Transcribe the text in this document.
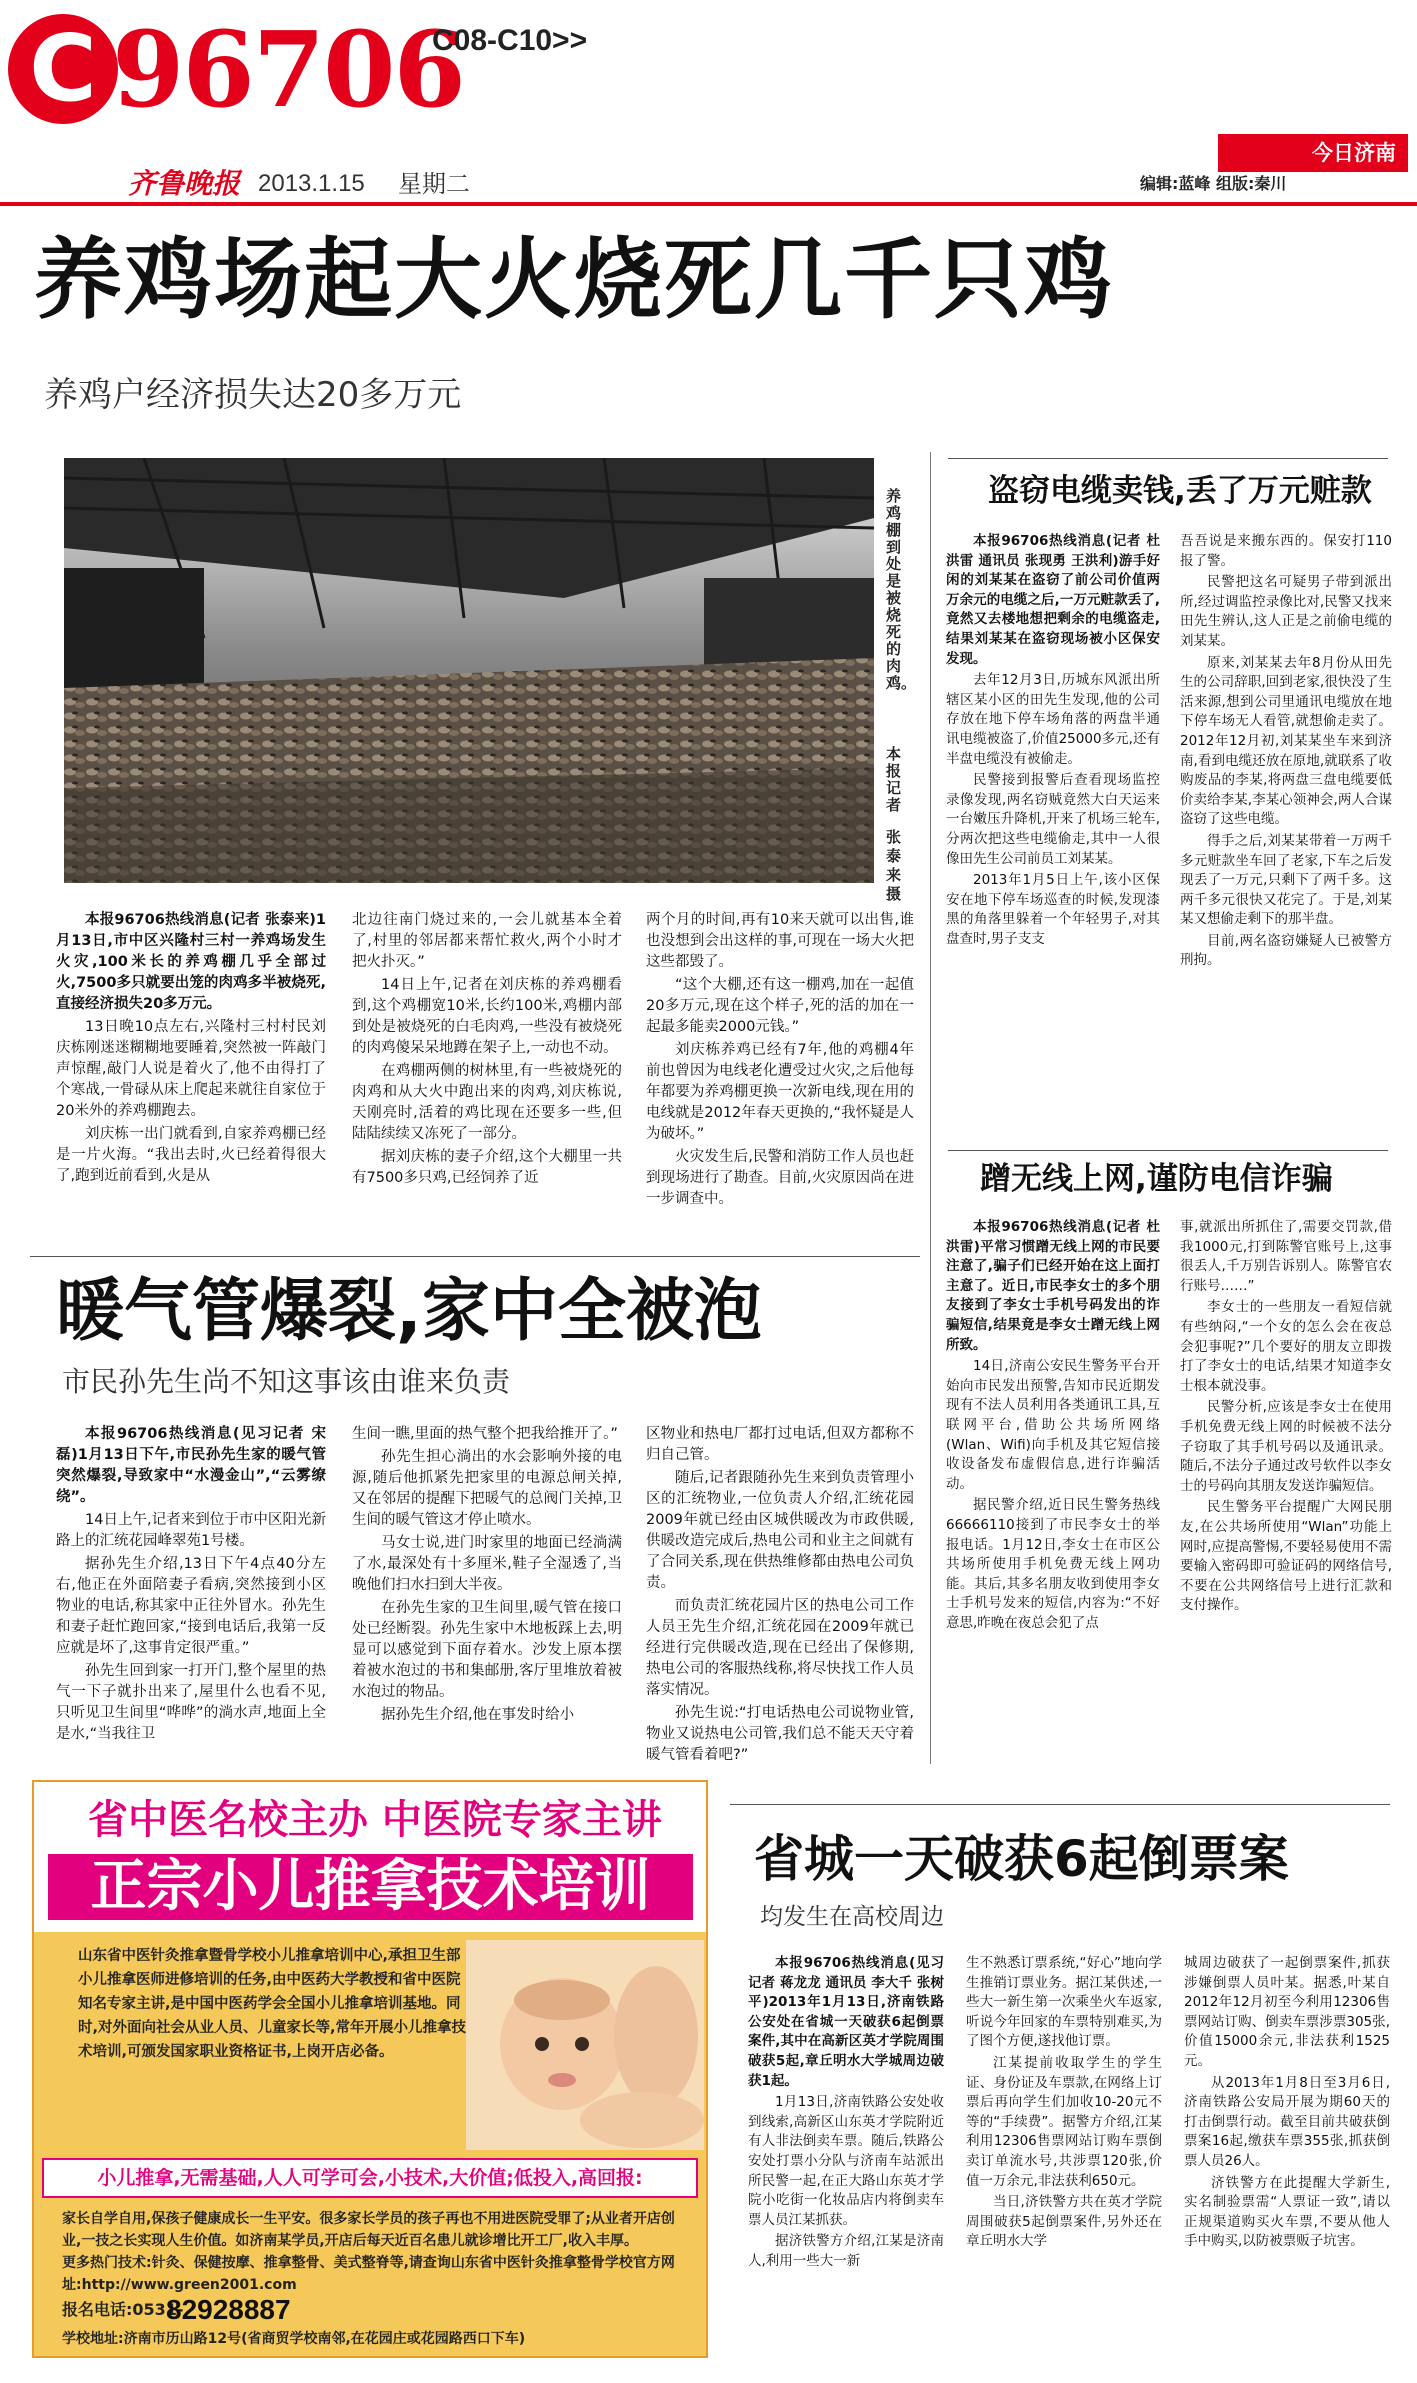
C 96706
C08-C10>>
齐鲁晚报 2013.1.15 星期二
今日济南
编辑:蓝峰 组版:秦川
养鸡场起大火烧死几千只鸡
养鸡户经济损失达20多万元
养鸡棚到处是被烧死的肉鸡。
本报记者
张泰来 摄

本报96706热线消息(记者 张泰来)1月13日,市中区兴隆村三村一养鸡场发生火灾,100米长的养鸡棚几乎全部过火,7500多只就要出笼的肉鸡多半被烧死,直接经济损失20多万元。

13日晚10点左右,兴隆村三村村民刘庆栋刚迷迷糊糊地要睡着,突然被一阵敲门声惊醒,敲门人说是着火了,他不由得打了个寒战,一骨碌从床上爬起来就往自家位于20米外的养鸡棚跑去。

刘庆栋一出门就看到,自家养鸡棚已经是一片火海。“我出去时,火已经着得很大了,跑到近前看到,火是从

北边往南门烧过来的,一会儿就基本全着了,村里的邻居都来帮忙救火,两个小时才把火扑灭。”

14日上午,记者在刘庆栋的养鸡棚看到,这个鸡棚宽10米,长约100米,鸡棚内部到处是被烧死的白毛肉鸡,一些没有被烧死的肉鸡傻呆呆地蹲在架子上,一动也不动。

在鸡棚两侧的树林里,有一些被烧死的肉鸡和从大火中跑出来的肉鸡,刘庆栋说,天刚亮时,活着的鸡比现在还要多一些,但陆陆续续又冻死了一部分。

据刘庆栋的妻子介绍,这个大棚里一共有7500多只鸡,已经饲养了近

两个月的时间,再有10来天就可以出售,谁也没想到会出这样的事,可现在一场大火把这些都毁了。

“这个大棚,还有这一棚鸡,加在一起值20多万元,现在这个样子,死的活的加在一起最多能卖2000元钱。”

刘庆栋养鸡已经有7年,他的鸡棚4年前也曾因为电线老化遭受过火灾,之后他每年都要为养鸡棚更换一次新电线,现在用的电线就是2012年春天更换的,“我怀疑是人为破坏。”

火灾发生后,民警和消防工作人员也赶到现场进行了勘查。目前,火灾原因尚在进一步调查中。

盗窃电缆卖钱,丢了万元赃款

本报96706热线消息(记者 杜洪雷 通讯员 张现勇 王洪利)游手好闲的刘某某在盗窃了前公司价值两万余元的电缆之后,一万元赃款丢了,竟然又去楼地想把剩余的电缆盗走,结果刘某某在盗窃现场被小区保安发现。

去年12月3日,历城东风派出所辖区某小区的田先生发现,他的公司存放在地下停车场角落的两盘半通讯电缆被盗了,价值25000多元,还有半盘电缆没有被偷走。

民警接到报警后查看现场监控录像发现,两名窃贼竟然大白天运来一台嫩压升降机,开来了机场三轮车,分两次把这些电缆偷走,其中一人很像田先生公司前员工刘某某。

2013年1月5日上午,该小区保安在地下停车场巡查的时候,发现漆黑的角落里躲着一个年轻男子,对其盘查时,男子支支

吾吾说是来搬东西的。保安打110报了警。

民警把这名可疑男子带到派出所,经过调监控录像比对,民警又找来田先生辨认,这人正是之前偷电缆的刘某某。

原来,刘某某去年8月份从田先生的公司辞职,回到老家,很快没了生活来源,想到公司里通讯电缆放在地下停车场无人看管,就想偷走卖了。2012年12月初,刘某某坐车来到济南,看到电缆还放在原地,就联系了收购废品的李某,将两盘三盘电缆要低价卖给李某,李某心领神会,两人合谋盗窃了这些电缆。

得手之后,刘某某带着一万两千多元赃款坐车回了老家,下车之后发现丢了一万元,只剩下了两千多。这两千多元很快又花完了。于是,刘某某又想偷走剩下的那半盘。

目前,两名盗窃嫌疑人已被警方刑拘。

蹭无线上网,谨防电信诈骗

本报96706热线消息(记者 杜洪雷)平常习惯蹭无线上网的市民要注意了,骗子们已经开始在这上面打主意了。近日,市民李女士的多个朋友接到了李女士手机号码发出的诈骗短信,结果竟是李女士蹭无线上网所致。

14日,济南公安民生警务平台开始向市民发出预警,告知市民近期发现有不法人员利用各类通讯工具,互联网平台,借助公共场所网络(Wlan、Wifi)向手机及其它短信接收设备发布虚假信息,进行诈骗活动。

据民警介绍,近日民生警务热线66666110接到了市民李女士的举报电话。1月12日,李女士在市区公共场所使用手机免费无线上网功能。其后,其多名朋友收到使用李女士手机号发来的短信,内容为:“不好意思,昨晚在夜总会犯了点

事,就派出所抓住了,需要交罚款,借我1000元,打到陈警官账号上,这事很丢人,千万别告诉别人。陈警官农行账号……”

李女士的一些朋友一看短信就有些纳闷,“一个女的怎么会在夜总会犯事呢?”几个要好的朋友立即拨打了李女士的电话,结果才知道李女士根本就没事。

民警分析,应该是李女士在使用手机免费无线上网的时候被不法分子窃取了其手机号码以及通讯录。随后,不法分子通过改号软件以李女士的号码向其朋友发送诈骗短信。

民生警务平台提醒广大网民朋友,在公共场所使用“Wlan”功能上网时,应提高警惕,不要轻易使用不需要输入密码即可验证码的网络信号,不要在公共网络信号上进行汇款和支付操作。

暖气管爆裂,家中全被泡
市民孙先生尚不知这事该由谁来负责

本报96706热线消息(见习记者 宋磊)1月13日下午,市民孙先生家的暖气管突然爆裂,导致家中“水漫金山”,“云雾缭绕”。

14日上午,记者来到位于市中区阳光新路上的汇统花园峰翠苑1号楼。

据孙先生介绍,13日下午4点40分左右,他正在外面陪妻子看病,突然接到小区物业的电话,称其家中正往外冒水。孙先生和妻子赶忙跑回家,“接到电话后,我第一反应就是坏了,这事肯定很严重。”

孙先生回到家一打开门,整个屋里的热气一下子就扑出来了,屋里什么也看不见,只听见卫生间里“哗哗”的淌水声,地面上全是水,“当我往卫

生间一瞧,里面的热气整个把我给推开了。”

孙先生担心淌出的水会影响外接的电源,随后他抓紧先把家里的电源总闸关掉,又在邻居的提醒下把暖气的总阀门关掉,卫生间的暖气管这才停止喷水。

马女士说,进门时家里的地面已经淌满了水,最深处有十多厘米,鞋子全湿透了,当晚他们扫水扫到大半夜。

在孙先生家的卫生间里,暖气管在接口处已经断裂。孙先生家中木地板踩上去,明显可以感觉到下面存着水。沙发上原本摆着被水泡过的书和集邮册,客厅里堆放着被水泡过的物品。

据孙先生介绍,他在事发时给小

区物业和热电厂都打过电话,但双方都称不归自己管。

随后,记者跟随孙先生来到负责管理小区的汇统物业,一位负责人介绍,汇统花园2009年就已经由区城供暖改为市政供暖,供暖改造完成后,热电公司和业主之间就有了合同关系,现在供热维修都由热电公司负责。

而负责汇统花园片区的热电公司工作人员王先生介绍,汇统花园在2009年就已经进行完供暖改造,现在已经出了保修期,热电公司的客服热线称,将尽快找工作人员落实情况。

孙先生说:“打电话热电公司说物业管,物业又说热电公司管,我们总不能天天守着暖气管看着吧?”

省中医名校主办 中医院专家主讲
正宗小儿推拿技术培训
山东省中医针灸推拿暨骨学校小儿推拿培训中心,承担卫生部小儿推拿医师进修培训的任务,由中医药大学教授和省中医院知名专家主讲,是中国中医药学会全国小儿推拿培训基地。同时,对外面向社会从业人员、儿童家长等,常年开展小儿推拿技术培训,可颁发国家职业资格证书,上岗开店必备。
小儿推拿,无需基础,人人可学可会,小技术,大价值;低投入,高回报:
家长自学自用,保孩子健康成长一生平安。很多家长学员的孩子再也不用进医院受罪了;从业者开店创业,一技之长实现人生价值。如济南某学员,开店后每天近百名患儿就诊增比开工厂,收入丰厚。
更多热门技术:针灸、保健按摩、推拿整骨、美式整脊等,请查询山东省中医针灸推拿整骨学校官方网址:http://www.green2001.com
报名电话:0531-
82928887
学校地址:济南市历山路12号(省商贸学校南邻,在花园庄或花园路西口下车)
省城一天破获6起倒票案
均发生在高校周边

本报96706热线消息(见习记者 蒋龙龙 通讯员 李大千 张树平)2013年1月13日,济南铁路公安处在省城一天破获6起倒票案件,其中在高新区英才学院周围破获5起,章丘明水大学城周边破获1起。

1月13日,济南铁路公安处收到线索,高新区山东英才学院附近有人非法倒卖车票。随后,铁路公安处打票小分队与济南车站派出所民警一起,在正大路山东英才学院小吃街一化妆品店内将倒卖车票人员江某抓获。

据济铁警方介绍,江某是济南人,利用一些大一新

生不熟悉订票系统,“好心”地向学生推销订票业务。据江某供述,一些大一新生第一次乘坐火车返家,听说今年回家的车票特别难买,为了图个方便,遂找他订票。

江某提前收取学生的学生证、身份证及车票款,在网络上订票后再向学生们加收10-20元不等的“手续费”。据警方介绍,江某利用12306售票网站订购车票倒卖订单流水号,共涉票120张,价值一万余元,非法获利650元。

当日,济铁警方共在英才学院周围破获5起倒票案件,另外还在章丘明水大学

城周边破获了一起倒票案件,抓获涉嫌倒票人员叶某。据悉,叶某自2012年12月初至今利用12306售票网站订购、倒卖车票涉票305张,价值15000余元,非法获利1525元。

从2013年1月8日至3月6日,济南铁路公安局开展为期60天的打击倒票行动。截至目前共破获倒票案16起,缴获车票355张,抓获倒票人员26人。

济铁警方在此提醒大学新生,实名制验票需“人票证一致”,请以正规渠道购买火车票,不要从他人手中购买,以防被票贩子坑害。
